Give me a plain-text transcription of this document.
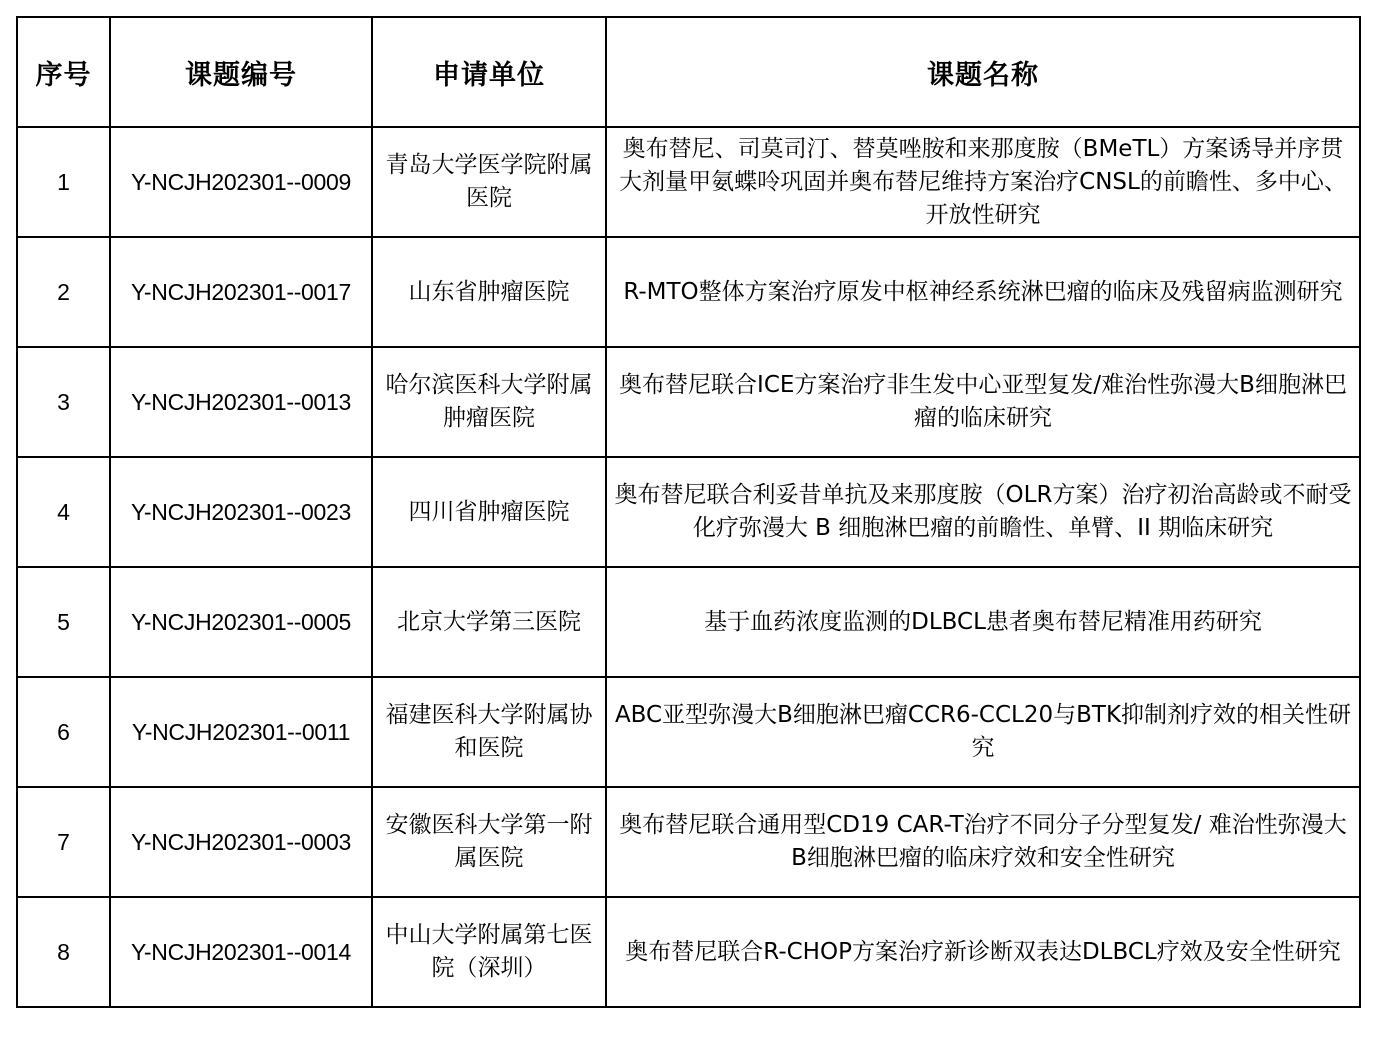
序号	课题编号	申请单位	课题名称
1	Y-NCJH202301--0009	青岛大学医学院附属医院	奥布替尼、司莫司汀、替莫唑胺和来那度胺（BMeTL）方案诱导并序贯大剂量甲氨蝶呤巩固并奥布替尼维持方案治疗CNSL的前瞻性、多中心、开放性研究
2	Y-NCJH202301--0017	山东省肿瘤医院	R-MTO整体方案治疗原发中枢神经系统淋巴瘤的临床及残留病监测研究
3	Y-NCJH202301--0013	哈尔滨医科大学附属肿瘤医院	奥布替尼联合ICE方案治疗非生发中心亚型复发/难治性弥漫大B细胞淋巴瘤的临床研究
4	Y-NCJH202301--0023	四川省肿瘤医院	奥布替尼联合利妥昔单抗及来那度胺（OLR方案）治疗初治高龄或不耐受化疗弥漫大 B 细胞淋巴瘤的前瞻性、单臂、II 期临床研究
5	Y-NCJH202301--0005	北京大学第三医院	基于血药浓度监测的DLBCL患者奥布替尼精准用药研究
6	Y-NCJH202301--0011	福建医科大学附属协和医院	ABC亚型弥漫大B细胞淋巴瘤CCR6-CCL20与BTK抑制剂疗效的相关性研究
7	Y-NCJH202301--0003	安徽医科大学第一附属医院	奥布替尼联合通用型CD19 CAR-T治疗不同分子分型复发/ 难治性弥漫大B细胞淋巴瘤的临床疗效和安全性研究
8	Y-NCJH202301--0014	中山大学附属第七医院（深圳）	奥布替尼联合R-CHOP方案治疗新诊断双表达DLBCL疗效及安全性研究
